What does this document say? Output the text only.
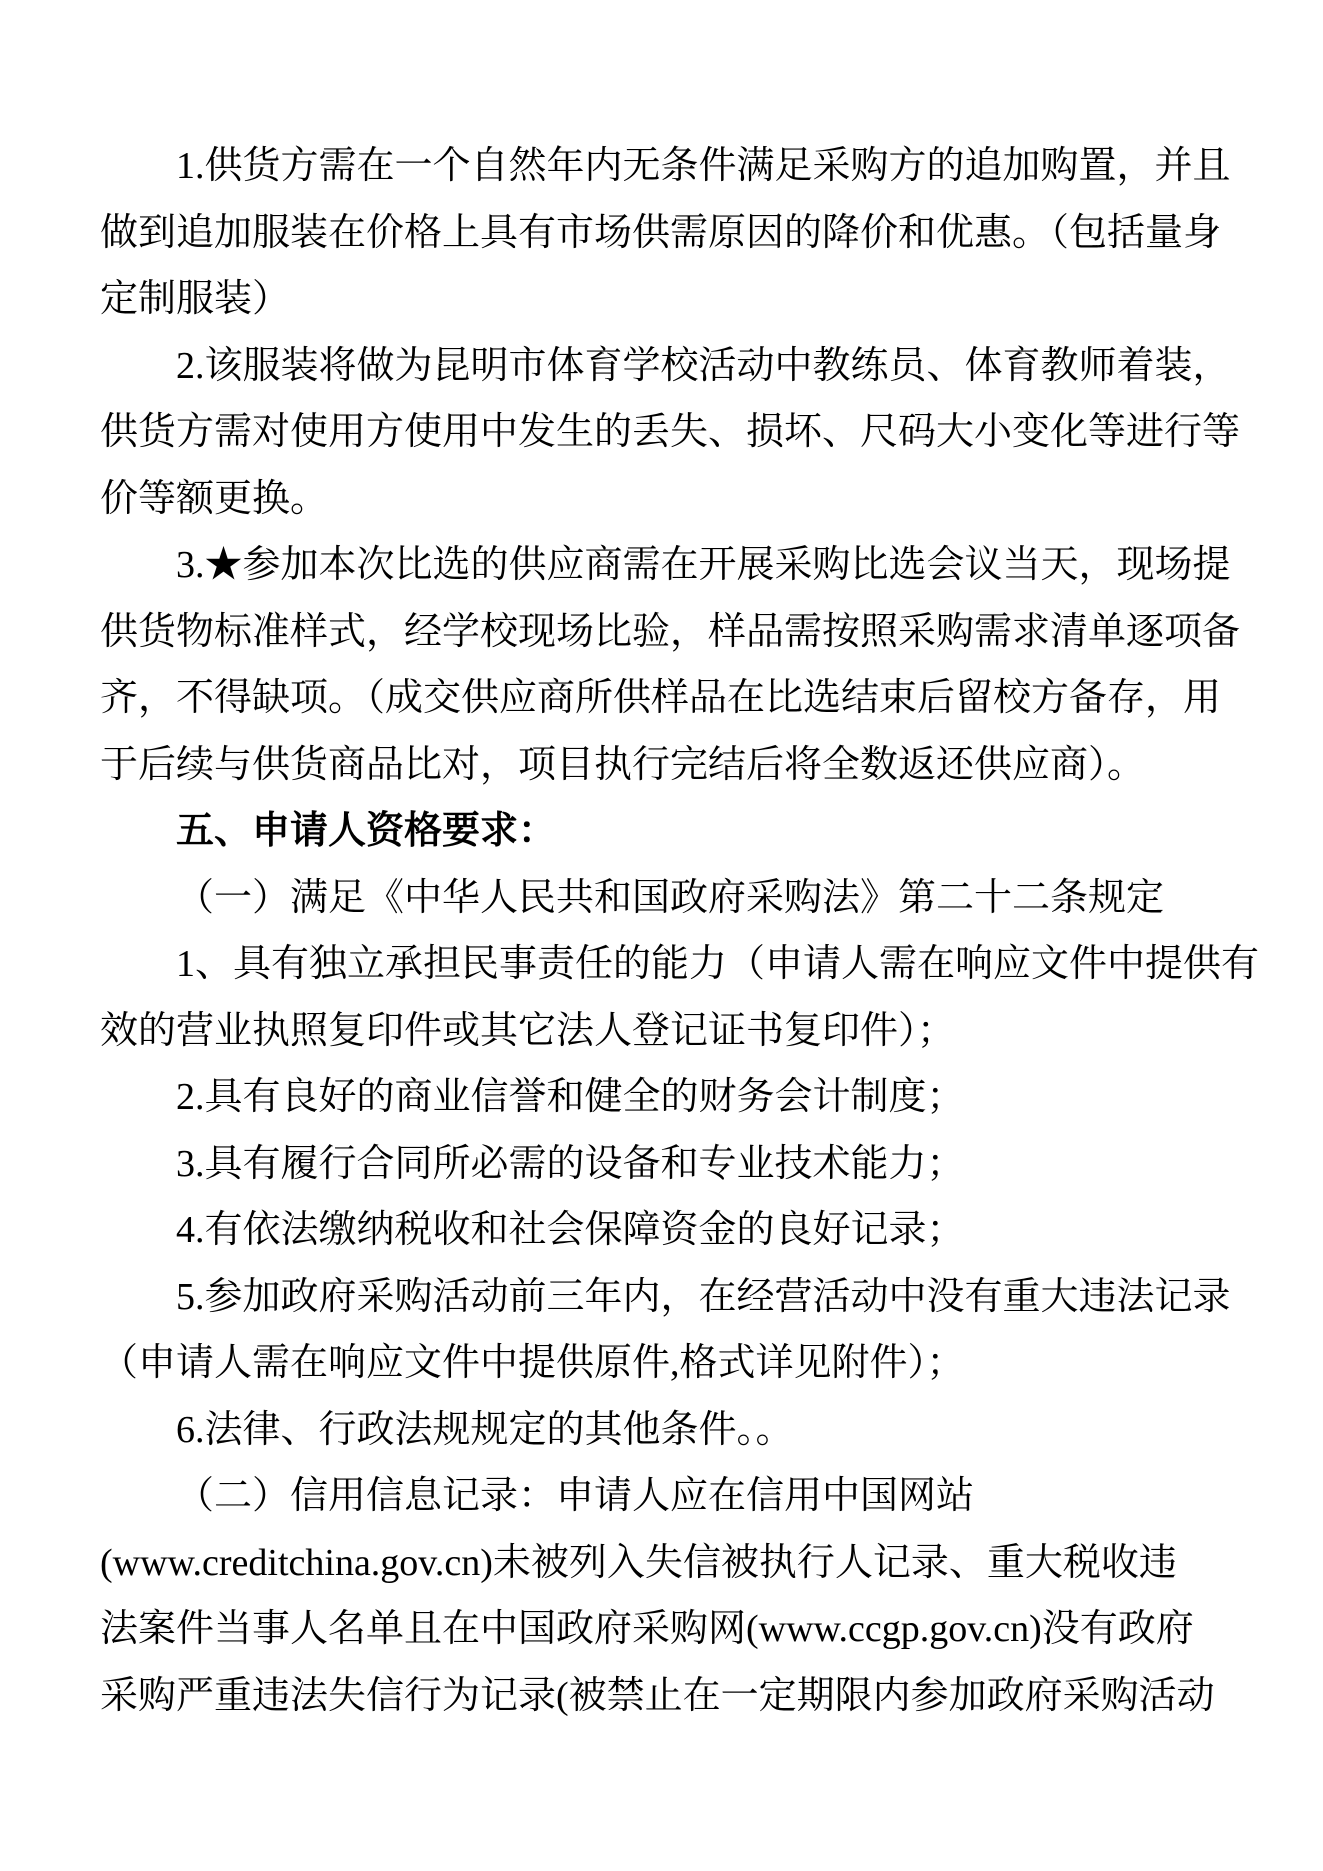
1.供货方需在一个自然年内无条件满足采购方的追加购置，并且
做到追加服装在价格上具有市场供需原因的降价和优惠。（包括量身
定制服装）
2.该服装将做为昆明市体育学校活动中教练员、体育教师着装，
供货方需对使用方使用中发生的丢失、损坏、尺码大小变化等进行等
价等额更换。
3.★参加本次比选的供应商需在开展采购比选会议当天，现场提
供货物标准样式，经学校现场比验，样品需按照采购需求清单逐项备
齐，不得缺项。（成交供应商所供样品在比选结束后留校方备存，用
于后续与供货商品比对，项目执行完结后将全数返还供应商）。
五、申请人资格要求：
（一）满足《中华人民共和国政府采购法》第二十二条规定
1、具有独立承担民事责任的能力（申请人需在响应文件中提供有
效的营业执照复印件或其它法人登记证书复印件）；
2.具有良好的商业信誉和健全的财务会计制度；
3.具有履行合同所必需的设备和专业技术能力；
4.有依法缴纳税收和社会保障资金的良好记录；
5.参加政府采购活动前三年内，在经营活动中没有重大违法记录
（申请人需在响应文件中提供原件,格式详见附件）；
6.法律、行政法规规定的其他条件。。
（二）信用信息记录：申请人应在信用中国网站
(www.creditchina.gov.cn)未被列入失信被执行人记录、重大税收违
法案件当事人名单且在中国政府采购网(www.ccgp.gov.cn)没有政府
采购严重违法失信行为记录(被禁止在一定期限内参加政府采购活动
